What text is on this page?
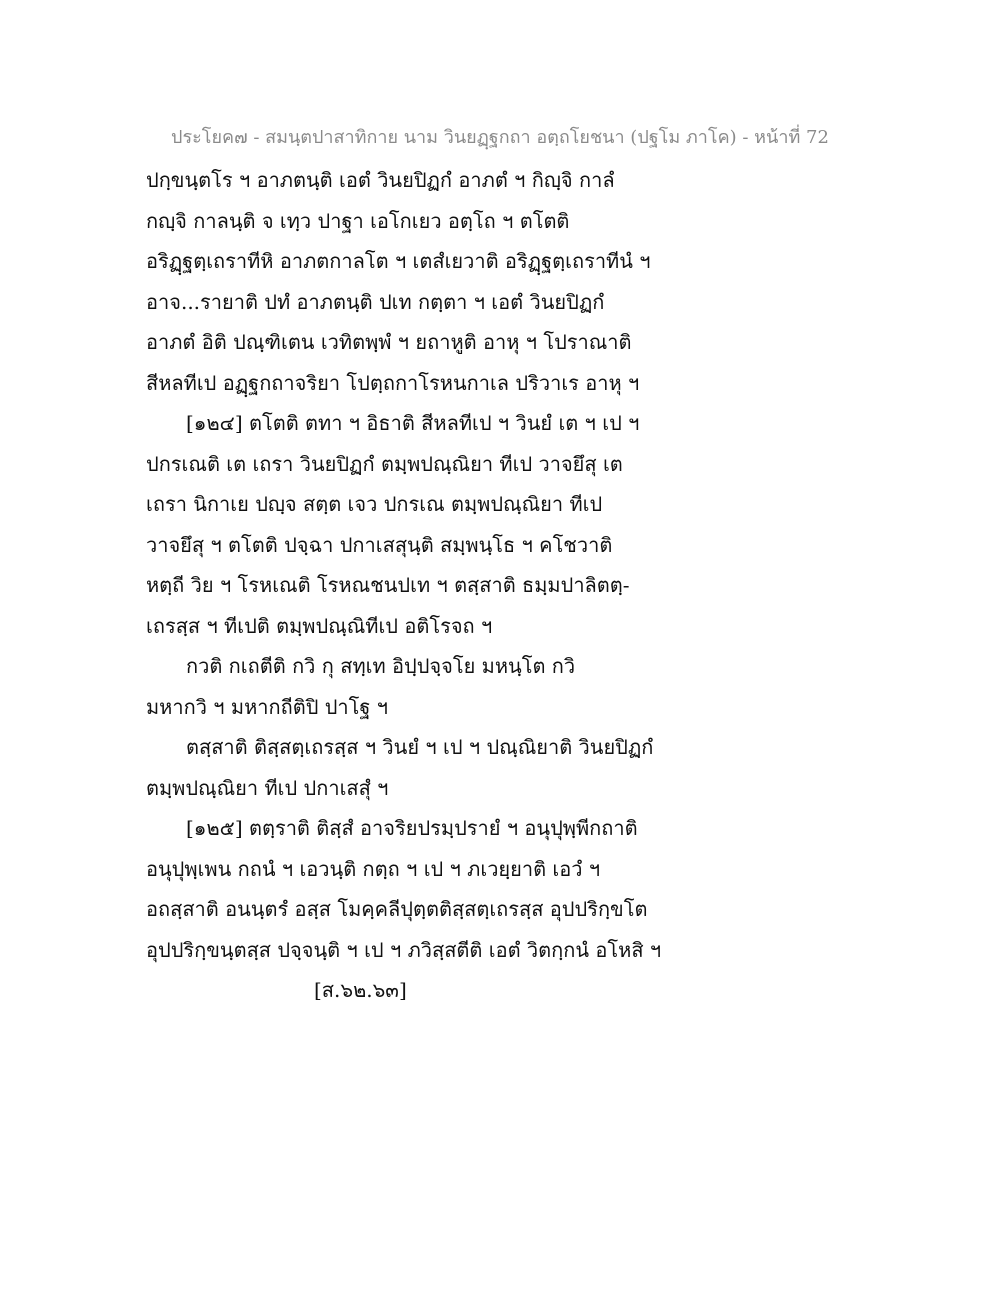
ประโยค๗ - สมนฺตปาสาทิกาย นาม วินยฏฺฐกถา อตฺถโยชนา (ปฐโม ภาโค) - หน้าที่ 72
ปกฺขนฺตโร ฯ อาภตนฺติ เอตํ วินยปิฏกํ อาภตํ ฯ กิญฺจิ กาลํ
กญฺจิ กาลนฺติ จ เทฺว ปาฐา เอโกเยว อตฺโถ ฯ ตโตติ
อริฏฺฐตฺเถราทีหิ อาภตกาลโต ฯ เตสํเยวาติ อริฏฺฐตฺเถราทีนํ ฯ
อาจ...รายาติ ปทํ อาภตนฺติ ปเท กตฺตา ฯ เอตํ วินยปิฏกํ
อาภตํ อิติ ปณฺฑิเตน เวทิตพฺพํ ฯ ยถาหูติ อาหุ ฯ โปราณาติ
สีหลทีเป อฏฺฐกถาจริยา โปตฺถกาโรหนกาเล ปริวาเร อาหุ ฯ
[๑๒๔] ตโตติ ตทา ฯ อิธาติ สีหลทีเป ฯ วินยํ เต ฯ เป ฯ
ปกรเณติ เต เถรา วินยปิฏกํ ตมฺพปณฺณิยา ทีเป วาจยึสุ เต
เถรา นิกาเย ปญฺจ สตฺต เจว ปกรเณ ตมฺพปณฺณิยา ทีเป
วาจยึสุ ฯ ตโตติ ปจฺฉา ปกาเสสุนฺติ สมฺพนฺโธ ฯ คโชวาติ
หตฺถี วิย ฯ โรหเณติ โรหณชนปเท ฯ ตสฺสาติ ธมฺมปาลิตตฺ-
เถรสฺส ฯ ทีเปติ ตมฺพปณฺณิทีเป อติโรจถ ฯ
กวติ กเถตีติ กวิ กุ สทฺเท อิปฺปจฺจโย มหนฺโต กวิ
มหากวิ ฯ มหากถีติปิ ปาโฐ ฯ
ตสฺสาติ ติสฺสตฺเถรสฺส ฯ วินยํ ฯ เป ฯ ปณฺณิยาติ วินยปิฏกํ
ตมฺพปณฺณิยา ทีเป ปกาเสสุํ ฯ
[๑๒๕] ตตฺราติ ติสฺสํ อาจริยปรมฺปรายํ ฯ อนุปุพฺพีกถาติ
อนุปุพฺเพน กถนํ ฯ เอวนฺติ กตฺถ ฯ เป ฯ ภเวยฺยาติ เอวํ ฯ
อถสฺสาติ อนนฺตรํ อสฺส โมคฺคลีปุตฺตติสฺสตฺเถรสฺส อุปปริกฺขโต
อุปปริกฺขนฺตสฺส ปจฺจนฺติ ฯ เป ฯ ภวิสฺสตีติ เอตํ วิตกฺกนํ อโหสิ ฯ
[ส.๖๒.๖๓]
